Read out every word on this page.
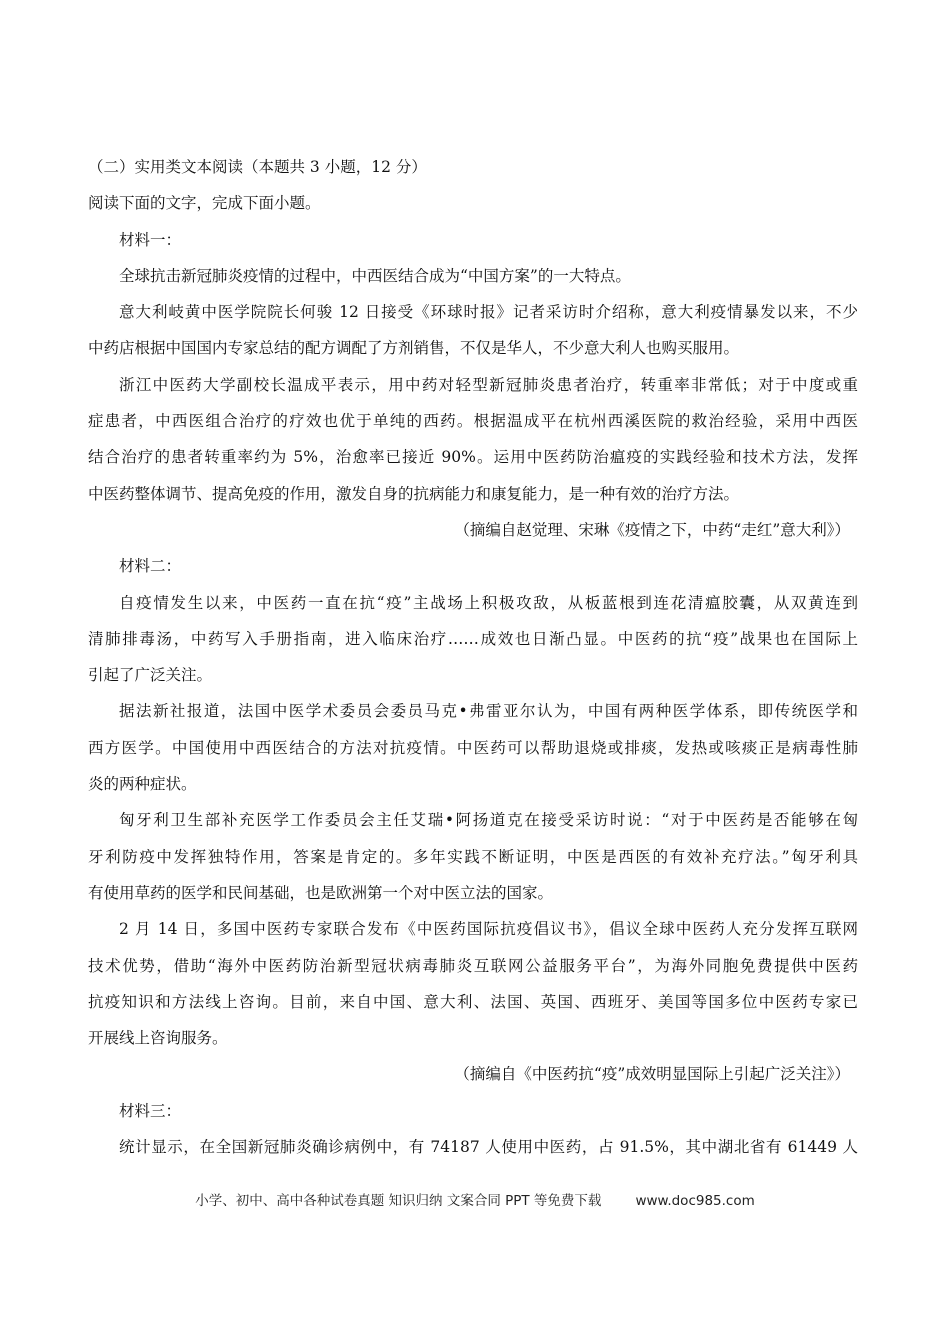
（二）实用类文本阅读（本题共 3 小题，12 分）
阅读下面的文字，完成下面小题。
材料一：
全球抗击新冠肺炎疫情的过程中，中西医结合成为“中国方案”的一大特点。
意大利岐黄中医学院院长何骏 12 日接受《环球时报》记者采访时介绍称，意大利疫情暴发以来，不少
中药店根据中国国内专家总结的配方调配了方剂销售，不仅是华人，不少意大利人也购买服用。
浙江中医药大学副校长温成平表示，用中药对轻型新冠肺炎患者治疗，转重率非常低；对于中度或重
症患者，中西医组合治疗的疗效也优于单纯的西药。根据温成平在杭州西溪医院的救治经验，采用中西医
结合治疗的患者转重率约为 5%，治愈率已接近 90%。运用中医药防治瘟疫的实践经验和技术方法，发挥
中医药整体调节、提高免疫的作用，激发自身的抗病能力和康复能力，是一种有效的治疗方法。
（摘编自赵觉理、宋琳《疫情之下，中药“走红”意大利》）
材料二：
自疫情发生以来，中医药一直在抗“疫”主战场上积极攻敌，从板蓝根到连花清瘟胶囊，从双黄连到
清肺排毒汤，中药写入手册指南，进入临床治疗……成效也日渐凸显。中医药的抗“疫”战果也在国际上
引起了广泛关注。
据法新社报道，法国中医学术委员会委员马克•弗雷亚尔认为，中国有两种医学体系，即传统医学和
西方医学。中国使用中西医结合的方法对抗疫情。中医药可以帮助退烧或排痰，发热或咳痰正是病毒性肺
炎的两种症状。
匈牙利卫生部补充医学工作委员会主任艾瑞•阿扬道克在接受采访时说：“对于中医药是否能够在匈
牙利防疫中发挥独特作用，答案是肯定的。多年实践不断证明，中医是西医的有效补充疗法。”匈牙利具
有使用草药的医学和民间基础，也是欧洲第一个对中医立法的国家。
2 月 14 日，多国中医药专家联合发布《中医药国际抗疫倡议书》，倡议全球中医药人充分发挥互联网
技术优势，借助“海外中医药防治新型冠状病毒肺炎互联网公益服务平台”，为海外同胞免费提供中医药
抗疫知识和方法线上咨询。目前，来自中国、意大利、法国、英国、西班牙、美国等国多位中医药专家已
开展线上咨询服务。
（摘编自《中医药抗“疫”成效明显国际上引起广泛关注》）
材料三：
统计显示，在全国新冠肺炎确诊病例中，有 74187 人使用中医药，占 91.5%，其中湖北省有 61449 人
小学、初中、高中各种试卷真题 知识归纳 文案合同 PPT 等免费下载	www.doc985.com
